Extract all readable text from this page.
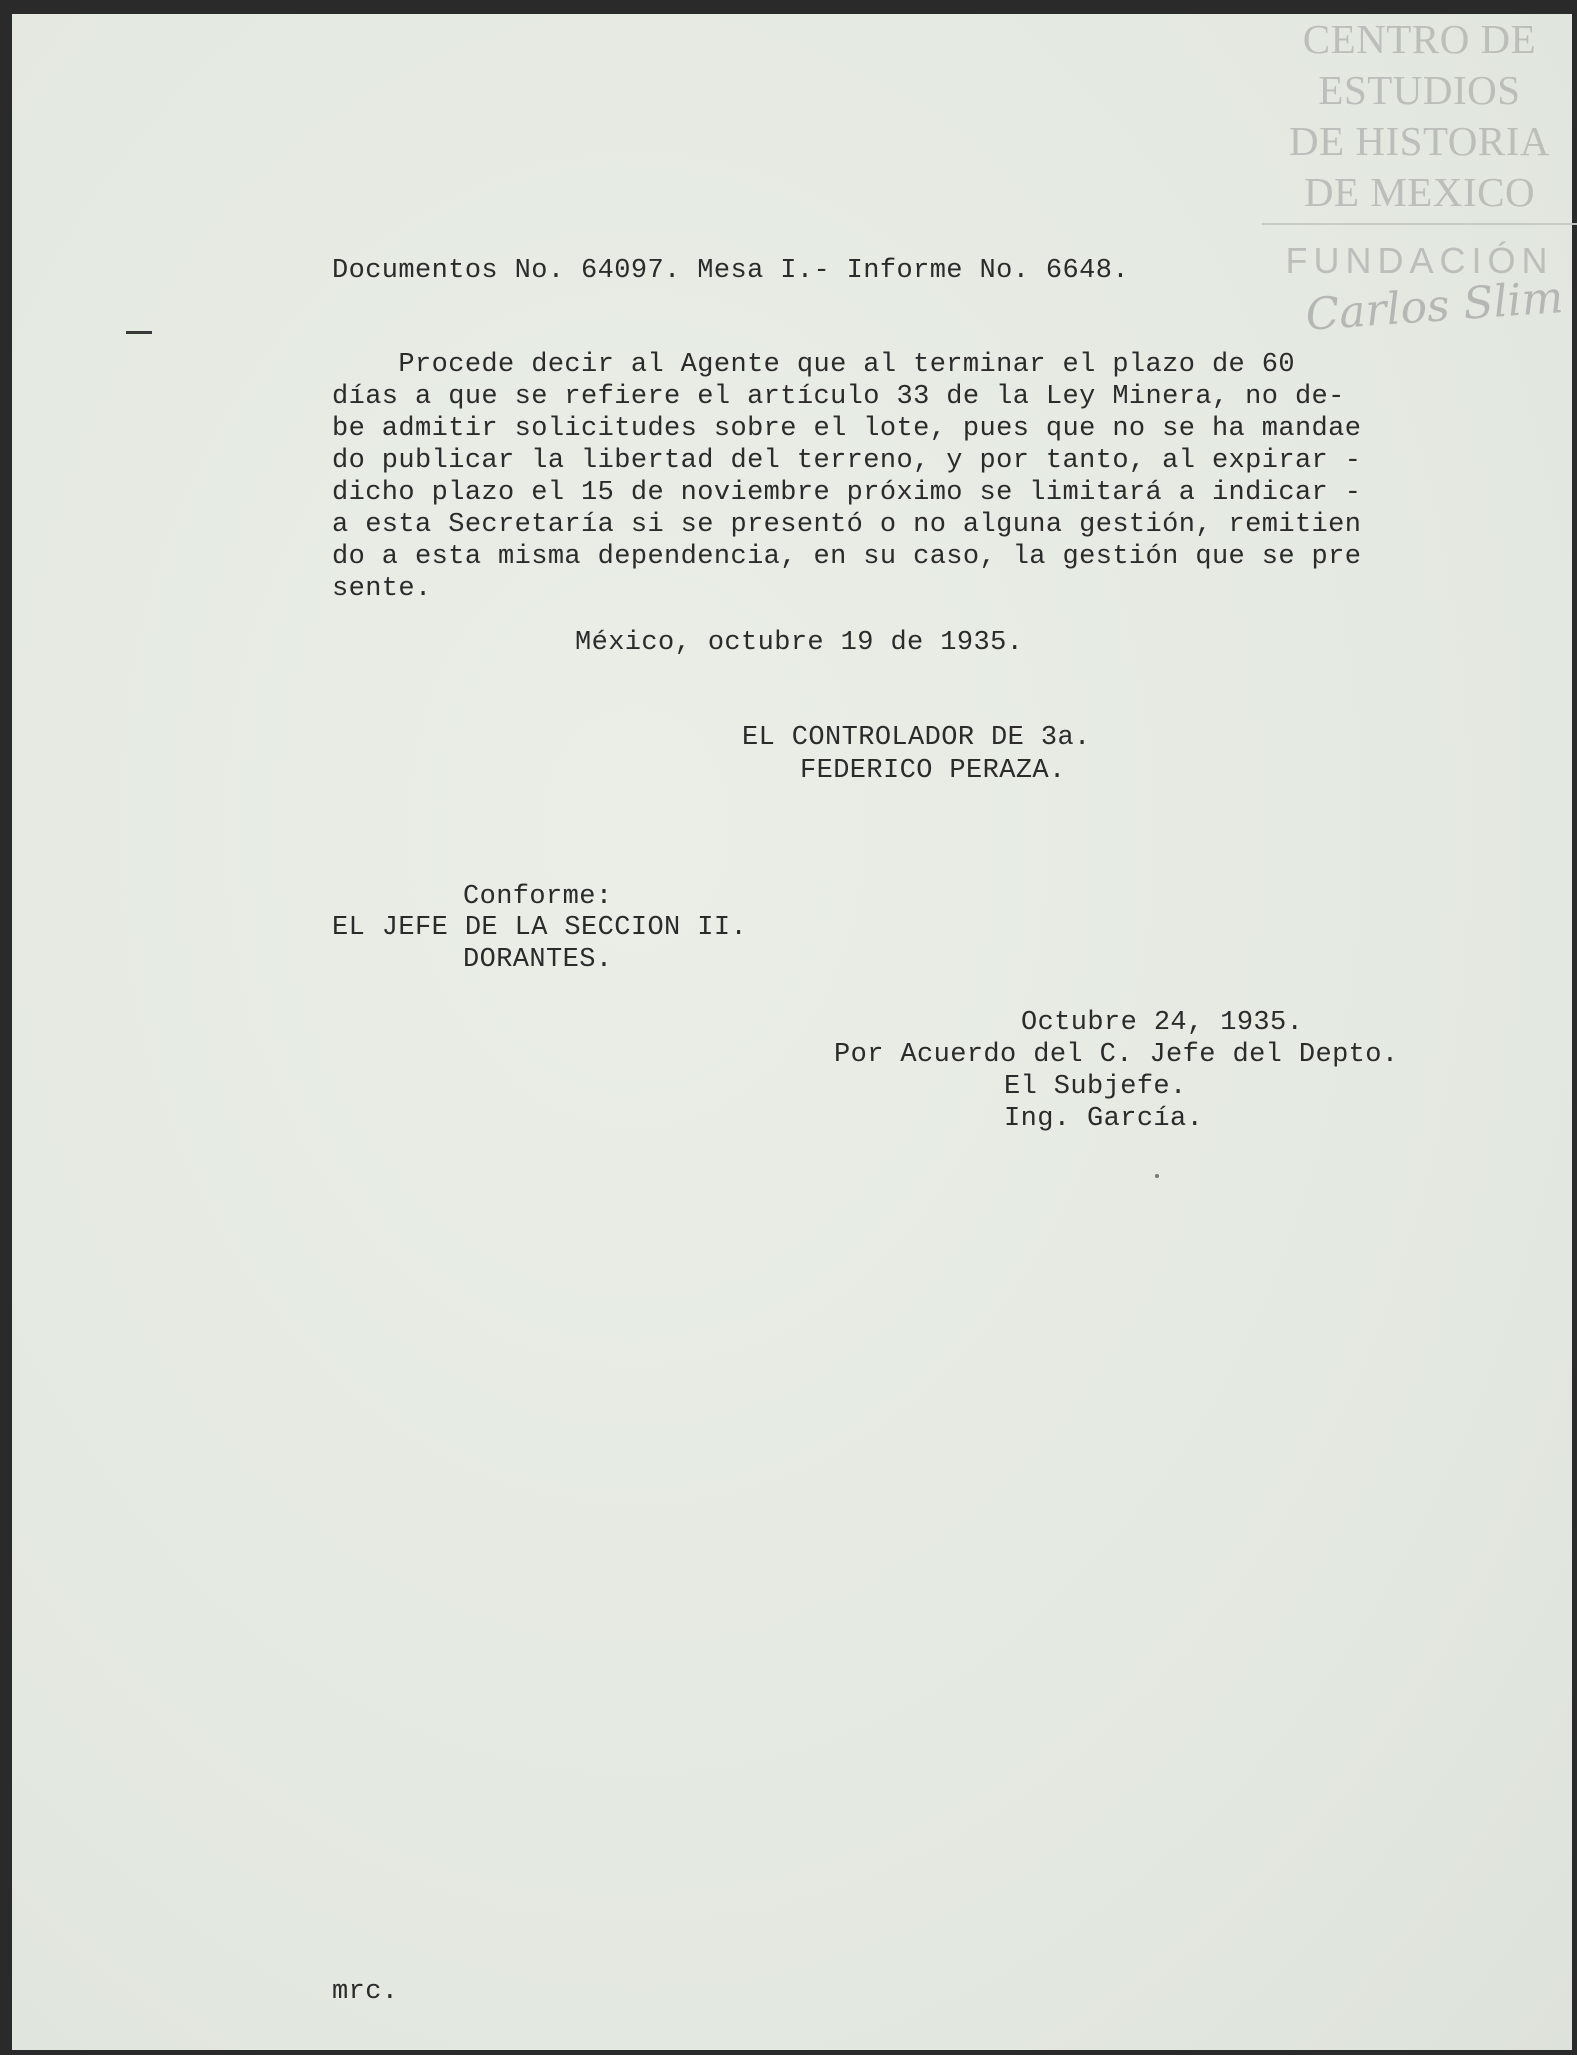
Documentos No. 64097. Mesa I.- Informe No. 6648.
Procede decir al Agente que al terminar el plazo de 60
días a que se refiere el artículo 33 de la Ley Minera, no de-
be admitir solicitudes sobre el lote, pues que no se ha mandae
do publicar la libertad del terreno, y por tanto, al expirar -
dicho plazo el 15 de noviembre próximo se limitará a indicar -
a esta Secretaría si se presentó o no alguna gestión, remitien
do a esta misma dependencia, en su caso, la gestión que se pre
sente.
México, octubre 19 de 1935.
EL CONTROLADOR DE 3a.
FEDERICO PERAZA.
Conforme:
EL JEFE DE LA SECCION II.
DORANTES.
Octubre 24, 1935.
Por Acuerdo del C. Jefe del Depto.
El Subjefe.
Ing. García.
mrc.
CENTRO DE
ESTUDIOS
DE HISTORIA
DE MEXICO
FUNDACIÓN
Carlos Slim
